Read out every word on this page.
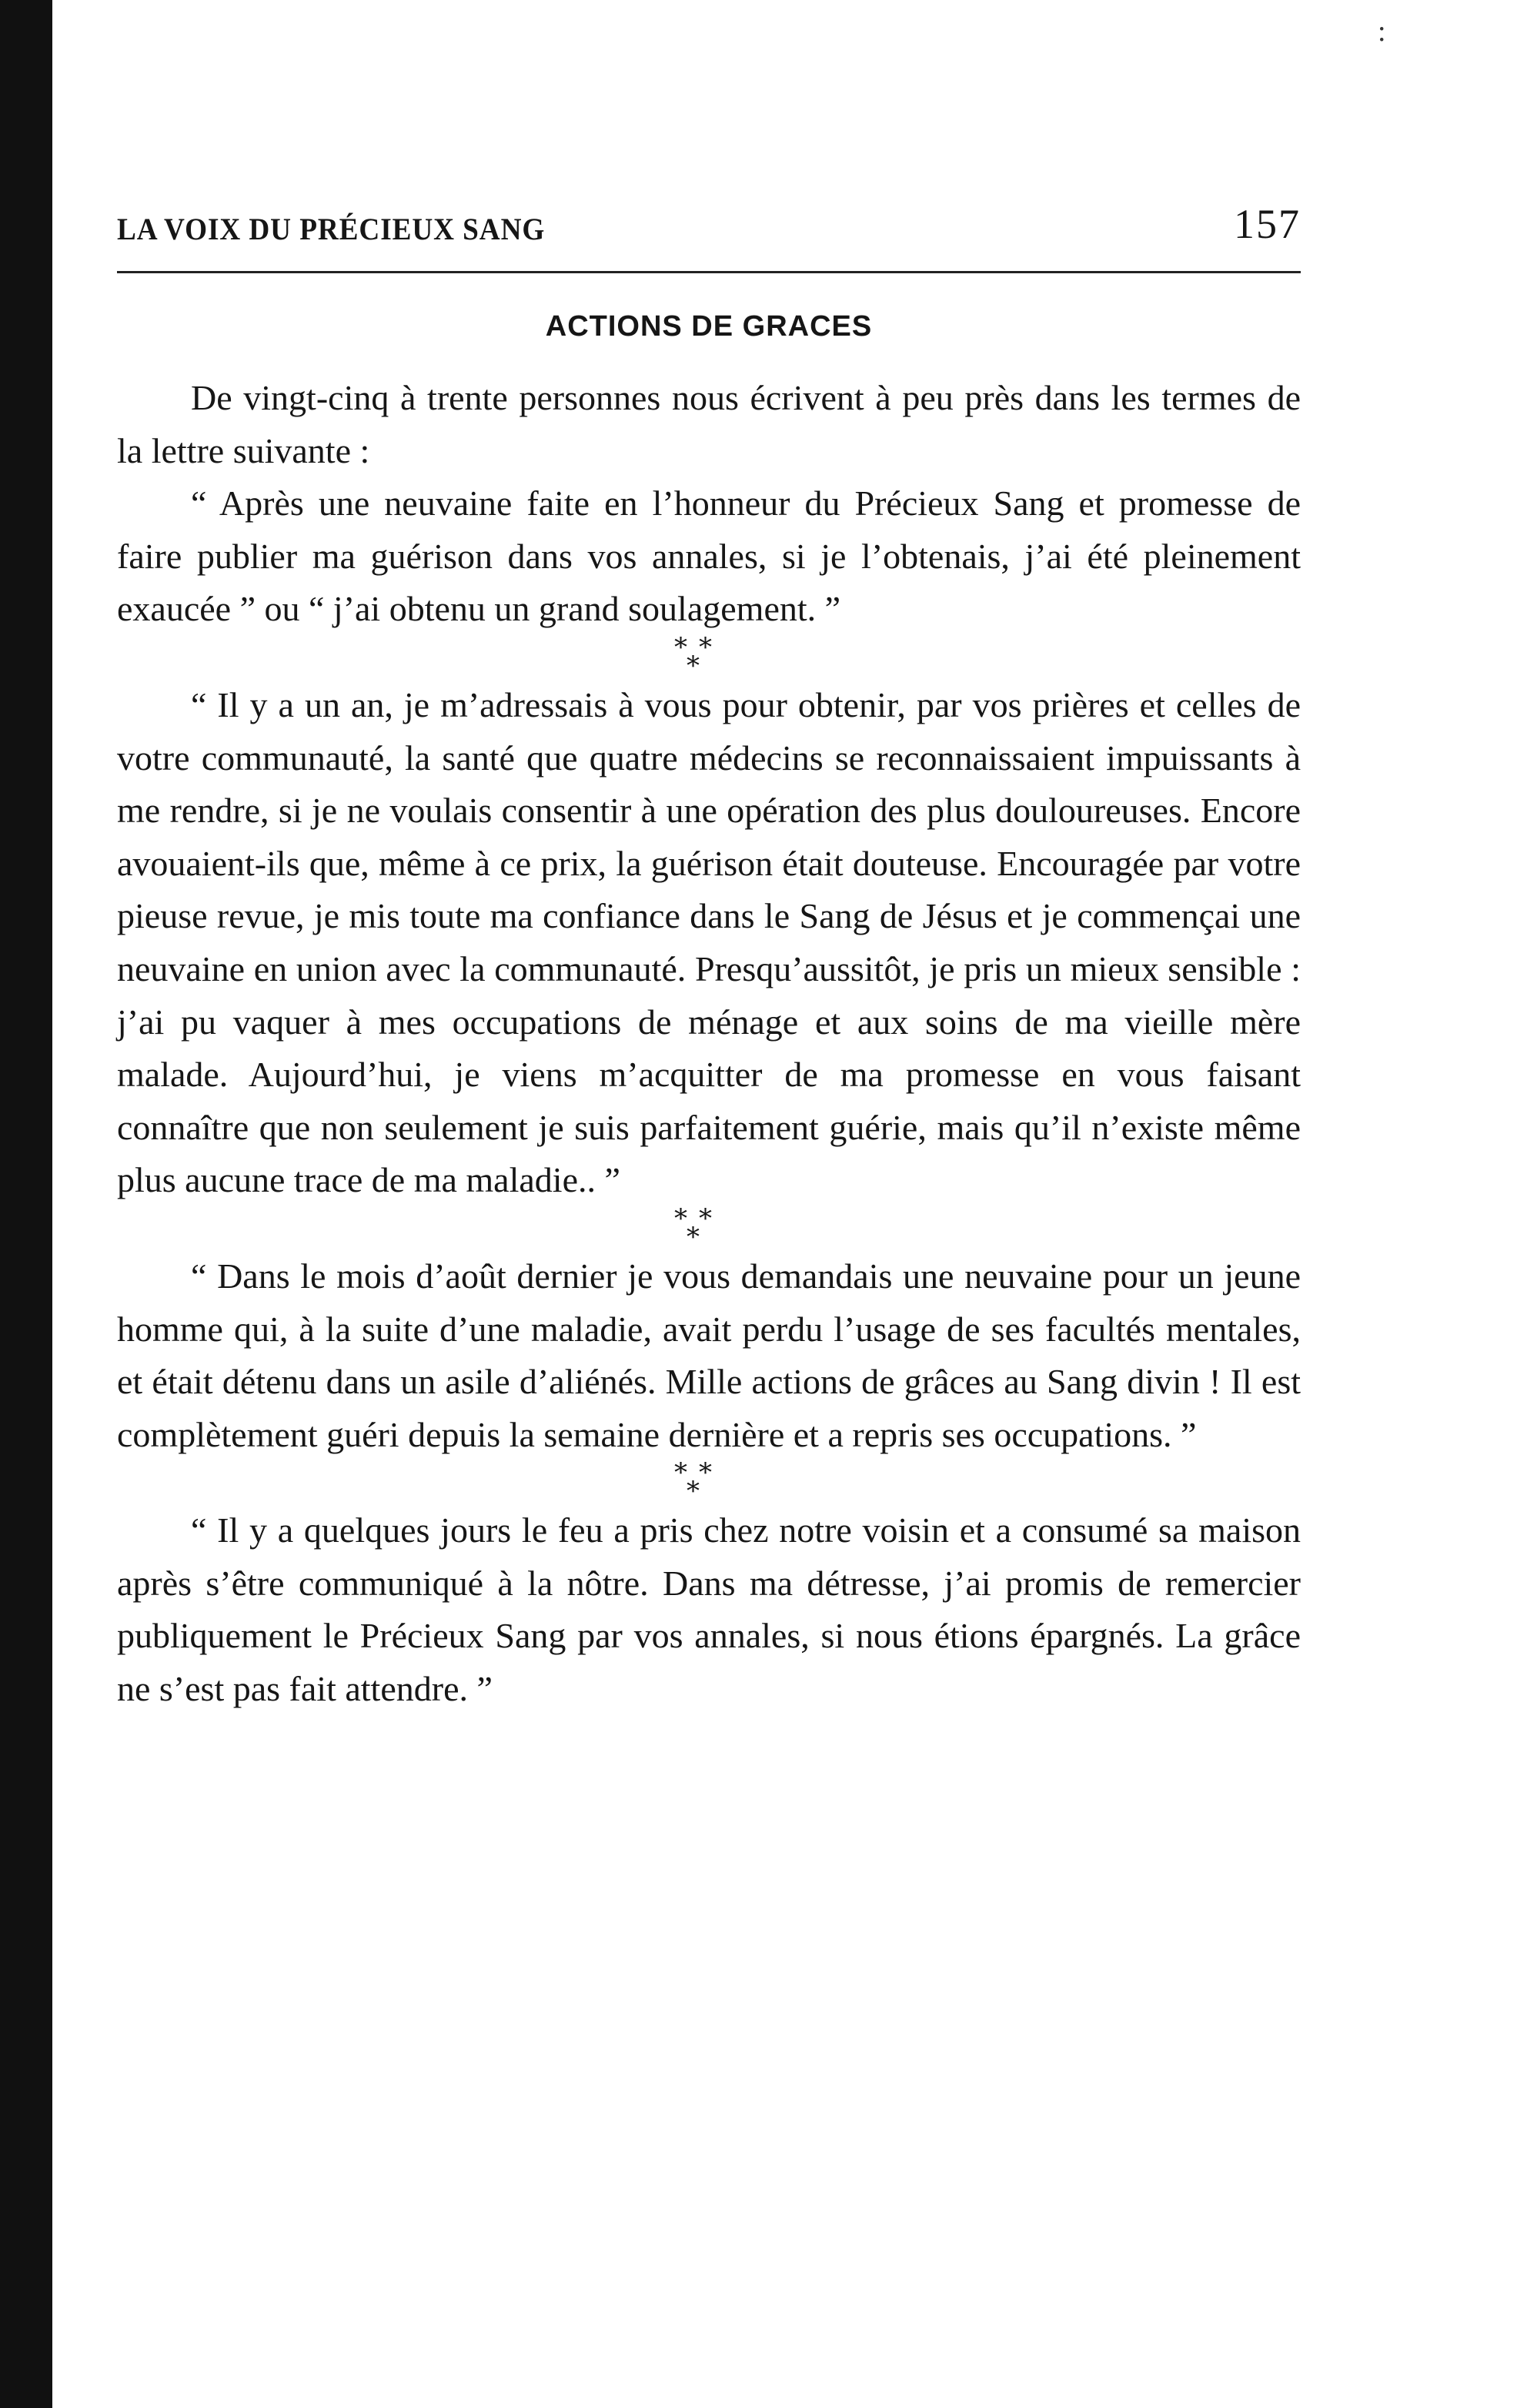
:
LA VOIX DU PRÉCIEUX SANG	157
ACTIONS DE GRACES

De vingt-cinq à trente personnes nous écrivent à peu près dans les termes de la lettre suivante :

“ Après une neuvaine faite en l’honneur du Précieux Sang et promesse de faire publier ma guérison dans vos annales, si je l’obtenais, j’ai été pleinement exaucée ” ou “ j’ai obtenu un grand soulagement. ”

* *
*

“ Il y a un an, je m’adressais à vous pour obtenir, par vos prières et celles de votre communauté, la santé que quatre médecins se reconnaissaient impuissants à me rendre, si je ne voulais consentir à une opération des plus douloureuses. Encore avouaient-ils que, même à ce prix, la guérison était douteuse. Encouragée par votre pieuse revue, je mis toute ma confiance dans le Sang de Jésus et je commençai une neuvaine en union avec la communauté. Presqu’aussitôt, je pris un mieux sensible : j’ai pu vaquer à mes occupations de ménage et aux soins de ma vieille mère malade. Aujourd’hui, je viens m’acquitter de ma promesse en vous faisant connaître que non seulement je suis parfaitement guérie, mais qu’il n’existe même plus aucune trace de ma maladie.. ”

* *
*

“ Dans le mois d’août dernier je vous demandais une neuvaine pour un jeune homme qui, à la suite d’une maladie, avait perdu l’usage de ses facultés mentales, et était détenu dans un asile d’aliénés. Mille actions de grâces au Sang divin ! Il est complètement guéri depuis la semaine dernière et a repris ses occupations. ”

* *
*

“ Il y a quelques jours le feu a pris chez notre voisin et a consumé sa maison après s’être communiqué à la nôtre. Dans ma détresse, j’ai promis de remercier publiquement le Précieux Sang par vos annales, si nous étions épargnés. La grâce ne s’est pas fait attendre. ”
